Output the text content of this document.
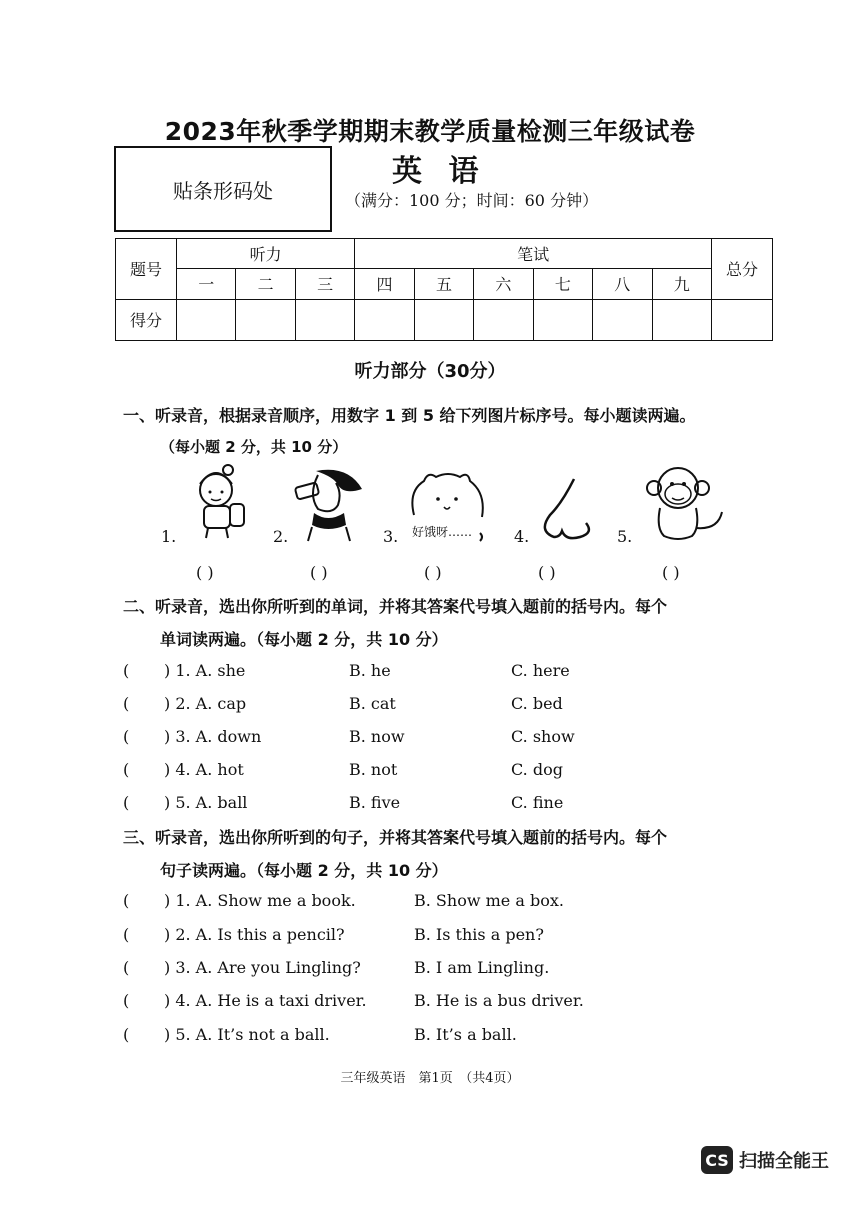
2023年秋季学期期末教学质量检测三年级试卷
贴条形码处
英 语
（满分：100 分；时间：60 分钟）
题号	听力			笔试						总分
	一	二	三	四	五	六	七	八	九	
得分										
听力部分（30分）
一、听录音，根据录音顺序，用数字 1 到 5 给下列图片标序号。每小题读两遍。
（每小题 2 分，共 10 分）
1.	2.	3. 好饿呀……	4.	5.
( )	( )	( )	( )	( )
二、听录音，选出你所听到的单词，并将其答案代号填入题前的括号内。每个
单词读两遍。（每小题 2 分，共 10 分）
( ) 1. A. she	B. he	C. here
( ) 2. A. cap	B. cat	C. bed
( ) 3. A. down	B. now	C. show
( ) 4. A. hot	B. not	C. dog
( ) 5. A. ball	B. five	C. fine
三、听录音，选出你所听到的句子，并将其答案代号填入题前的括号内。每个
句子读两遍。（每小题 2 分，共 10 分）
( ) 1. A. Show me a book.	B. Show me a box.
( ) 2. A. Is this a pencil?	B. Is this a pen?
( ) 3. A. Are you Lingling?	B. I am Lingling.
( ) 4. A. He is a taxi driver.	B. He is a bus driver.
( ) 5. A. It’s not a ball.	B. It’s a ball.
三年级英语　第1页　（共4页）
CS 扫描全能王
